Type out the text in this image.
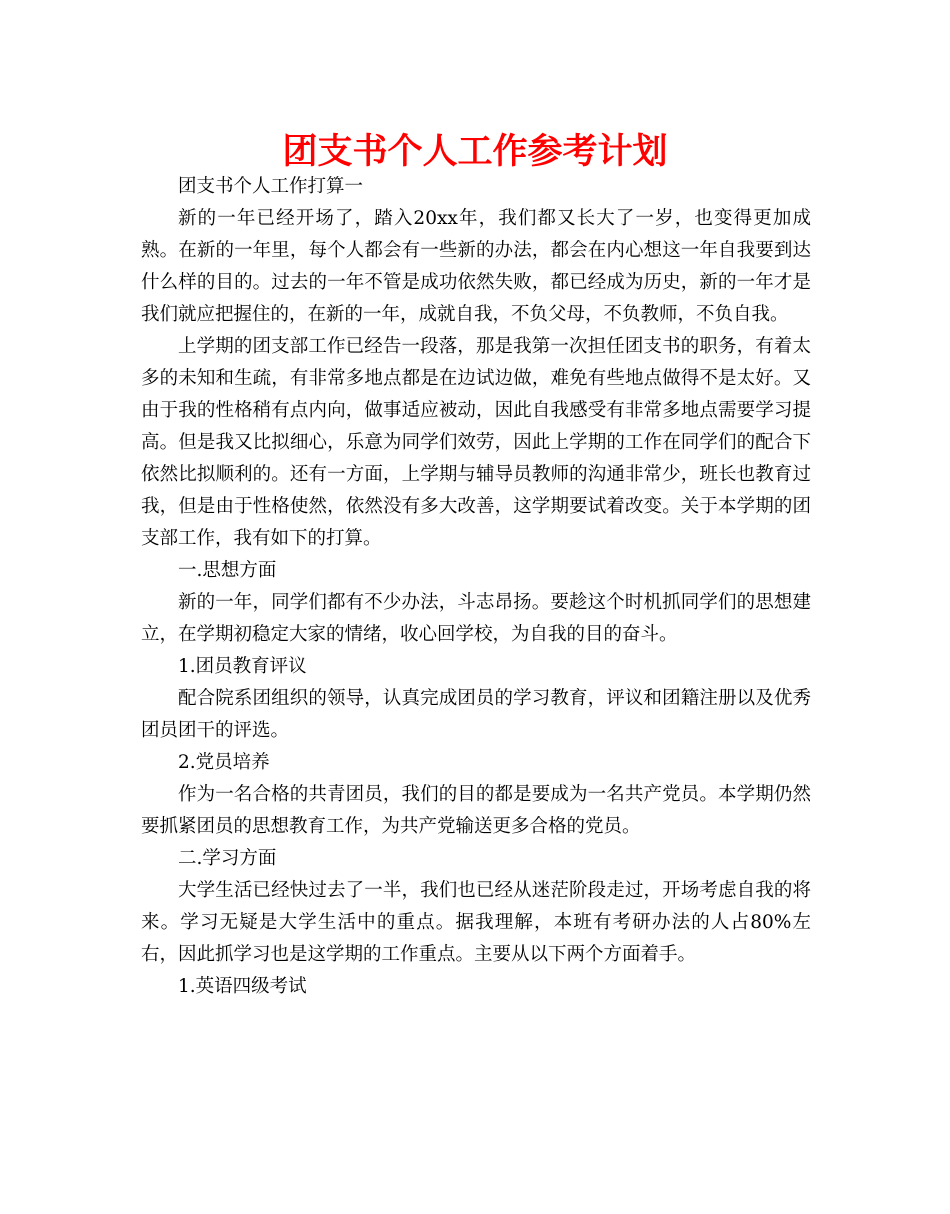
团支书个人工作参考计划

团支书个人工作打算一

新的一年已经开场了，踏入20xx年，我们都又长大了一岁，也变得更加成熟。在新的一年里，每个人都会有一些新的办法，都会在内心想这一年自我要到达什么样的目的。过去的一年不管是成功依然失败，都已经成为历史，新的一年才是我们就应把握住的，在新的一年，成就自我，不负父母，不负教师，不负自我。

上学期的团支部工作已经告一段落，那是我第一次担任团支书的职务，有着太多的未知和生疏，有非常多地点都是在边试边做，难免有些地点做得不是太好。又由于我的性格稍有点内向，做事适应被动，因此自我感受有非常多地点需要学习提高。但是我又比拟细心，乐意为同学们效劳，因此上学期的工作在同学们的配合下依然比拟顺利的。还有一方面，上学期与辅导员教师的沟通非常少，班长也教育过我，但是由于性格使然，依然没有多大改善，这学期要试着改变。关于本学期的团支部工作，我有如下的打算。

一.思想方面

新的一年，同学们都有不少办法，斗志昂扬。要趁这个时机抓同学们的思想建立，在学期初稳定大家的情绪，收心回学校，为自我的目的奋斗。

1.团员教育评议

配合院系团组织的领导，认真完成团员的学习教育，评议和团籍注册以及优秀团员团干的评选。

2.党员培养

作为一名合格的共青团员，我们的目的都是要成为一名共产党员。本学期仍然要抓紧团员的思想教育工作，为共产党输送更多合格的党员。

二.学习方面

大学生活已经快过去了一半，我们也已经从迷茫阶段走过，开场考虑自我的将来。学习无疑是大学生活中的重点。据我理解，本班有考研办法的人占80%左右，因此抓学习也是这学期的工作重点。主要从以下两个方面着手。

1.英语四级考试
